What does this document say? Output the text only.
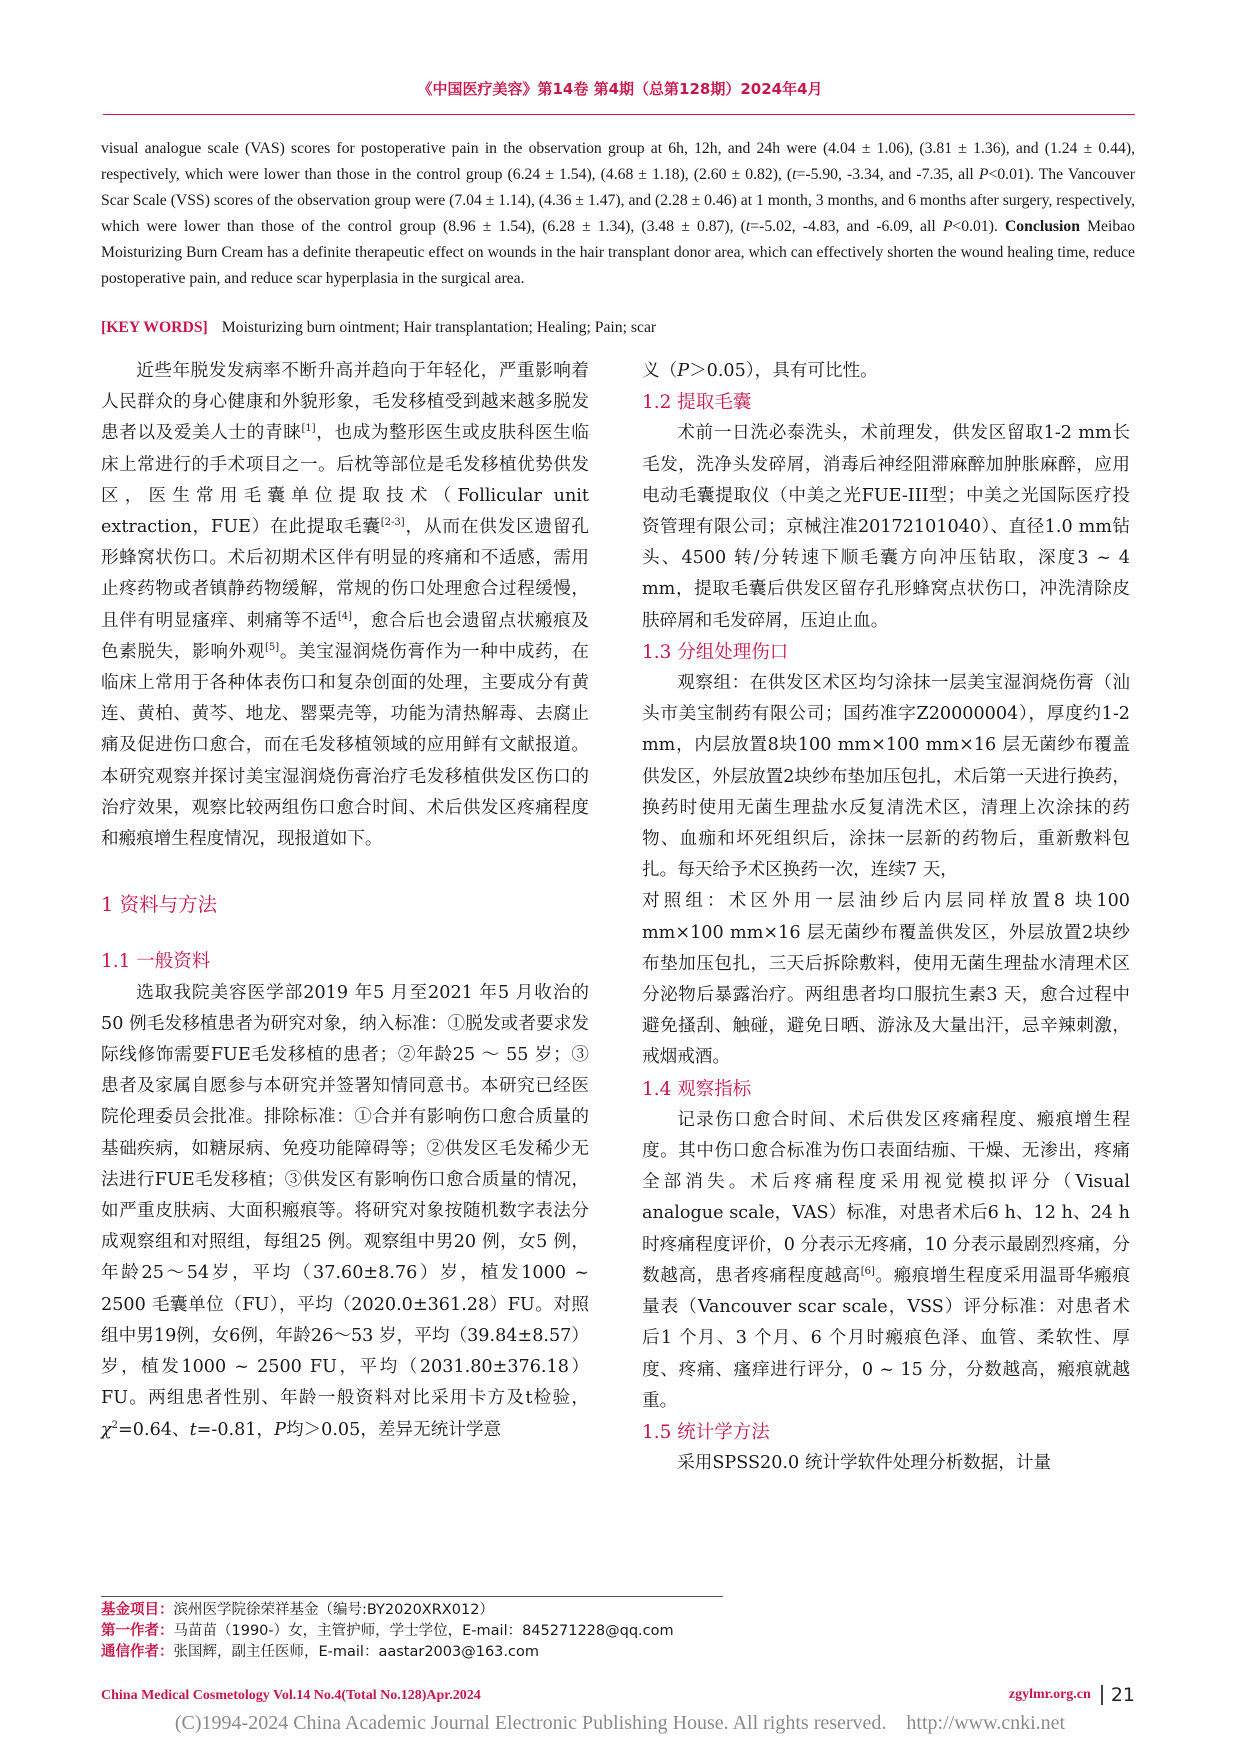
《中国医疗美容》第14卷 第4期（总第128期）2024年4月

visual analogue scale (VAS) scores for postoperative pain in the observation group at 6h, 12h, and 24h were (4.04 ± 1.06), (3.81 ± 1.36), and (1.24 ± 0.44), respectively, which were lower than those in the control group (6.24 ± 1.54), (4.68 ± 1.18), (2.60 ± 0.82), (t=-5.90, -3.34, and -7.35, all P<0.01). The Vancouver Scar Scale (VSS) scores of the observation group were (7.04 ± 1.14), (4.36 ± 1.47), and (2.28 ± 0.46) at 1 month, 3 months, and 6 months after surgery, respectively, which were lower than those of the control group (8.96 ± 1.54), (6.28 ± 1.34), (3.48 ± 0.87), (t=-5.02, -4.83, and -6.09, all P<0.01). Conclusion Meibao Moisturizing Burn Cream has a definite therapeutic effect on wounds in the hair transplant donor area, which can effectively shorten the wound healing time, reduce postoperative pain, and reduce scar hyperplasia in the surgical area.

[KEY WORDS] Moisturizing burn ointment; Hair transplantation; Healing; Pain; scar

近些年脱发发病率不断升高并趋向于年轻化，严重影响着人民群众的身心健康和外貌形象，毛发移植受到越来越多脱发患者以及爱美人士的青睐[1]，也成为整形医生或皮肤科医生临床上常进行的手术项目之一。后枕等部位是毛发移植优势供发区，医生常用毛囊单位提取技术（Follicular unit extraction，FUE）在此提取毛囊[2-3]，从而在供发区遗留孔形蜂窝状伤口。术后初期术区伴有明显的疼痛和不适感，需用止疼药物或者镇静药物缓解，常规的伤口处理愈合过程缓慢，且伴有明显瘙痒、刺痛等不适[4]，愈合后也会遗留点状瘢痕及色素脱失，影响外观[5]。美宝湿润烧伤膏作为一种中成药，在临床上常用于各种体表伤口和复杂创面的处理，主要成分有黄连、黄柏、黄芩、地龙、罂粟壳等，功能为清热解毒、去腐止痛及促进伤口愈合，而在毛发移植领域的应用鲜有文献报道。本研究观察并探讨美宝湿润烧伤膏治疗毛发移植供发区伤口的治疗效果，观察比较两组伤口愈合时间、术后供发区疼痛程度和瘢痕增生程度情况，现报道如下。

1 资料与方法
1.1 一般资料

选取我院美容医学部2019 年5 月至2021 年5 月收治的50 例毛发移植患者为研究对象，纳入标准：①脱发或者要求发际线修饰需要FUE毛发移植的患者；②年龄25 ～ 55 岁；③患者及家属自愿参与本研究并签署知情同意书。本研究已经医院伦理委员会批准。排除标准：①合并有影响伤口愈合质量的基础疾病，如糖尿病、免疫功能障碍等；②供发区毛发稀少无法进行FUE毛发移植；③供发区有影响伤口愈合质量的情况，如严重皮肤病、大面积瘢痕等。将研究对象按随机数字表法分成观察组和对照组，每组25 例。观察组中男20 例，女5 例，年龄25～54岁，平均（37.60±8.76）岁，植发1000 ~ 2500 毛囊单位（FU），平均（2020.0±361.28）FU。对照组中男19例，女6例，年龄26～53 岁，平均（39.84±8.57）岁，植发1000 ~ 2500 FU，平均（2031.80±376.18）FU。两组患者性别、年龄一般资料对比采用卡方及t检验，$\chi^2=0.64$、t=-0.81，P均＞0.05，差异无统计学意

义（P＞0.05），具有可比性。

1.2 提取毛囊

术前一日洗必泰洗头，术前理发，供发区留取1-2 mm长毛发，洗净头发碎屑，消毒后神经阻滞麻醉加肿胀麻醉，应用电动毛囊提取仪（中美之光FUE-III型；中美之光国际医疗投资管理有限公司；京械注准20172101040）、直径1.0 mm钻头、4500 转/分转速下顺毛囊方向冲压钻取，深度3 ~ 4 mm，提取毛囊后供发区留存孔形蜂窝点状伤口，冲洗清除皮肤碎屑和毛发碎屑，压迫止血。

1.3 分组处理伤口

观察组：在供发区术区均匀涂抹一层美宝湿润烧伤膏（汕头市美宝制药有限公司；国药准字Z20000004），厚度约1-2 mm，内层放置8块100 mm×100 mm×16 层无菌纱布覆盖供发区，外层放置2块纱布垫加压包扎，术后第一天进行换药，换药时使用无菌生理盐水反复清洗术区，清理上次涂抹的药物、血痂和坏死组织后，涂抹一层新的药物后，重新敷料包扎。每天给予术区换药一次，连续7 天，

对照组：术区外用一层油纱后内层同样放置8 块100 mm×100 mm×16 层无菌纱布覆盖供发区，外层放置2块纱布垫加压包扎，三天后拆除敷料，使用无菌生理盐水清理术区分泌物后暴露治疗。两组患者均口服抗生素3 天，愈合过程中避免搔刮、触碰，避免日晒、游泳及大量出汗，忌辛辣刺激，戒烟戒酒。

1.4 观察指标

记录伤口愈合时间、术后供发区疼痛程度、瘢痕增生程度。其中伤口愈合标准为伤口表面结痂、干燥、无渗出，疼痛全部消失。术后疼痛程度采用视觉模拟评分（Visual analogue scale，VAS）标准，对患者术后6 h、12 h、24 h时疼痛程度评价，0 分表示无疼痛，10 分表示最剧烈疼痛，分数越高，患者疼痛程度越高[6]。瘢痕增生程度采用温哥华瘢痕量表（Vancouver scar scale，VSS）评分标准：对患者术后1 个月、3 个月、6 个月时瘢痕色泽、血管、柔软性、厚度、疼痛、瘙痒进行评分，0 ~ 15 分，分数越高，瘢痕就越重。

1.5 统计学方法

采用SPSS20.0 统计学软件处理分析数据，计量

基金项目：滨州医学院徐荣祥基金（编号:BY2020XRX012）
第一作者：马苗苗（1990-）女，主管护师，学士学位，E-mail：845271228@qq.com
通信作者：张国辉，副主任医师，E-mail：aastar2003@163.com
China Medical Cosmetology Vol.14 No.4(Total No.128)Apr.2024	zgylmr.org.cn 21
(C)1994-2024 China Academic Journal Electronic Publishing House. All rights reserved.    http://www.cnki.net
